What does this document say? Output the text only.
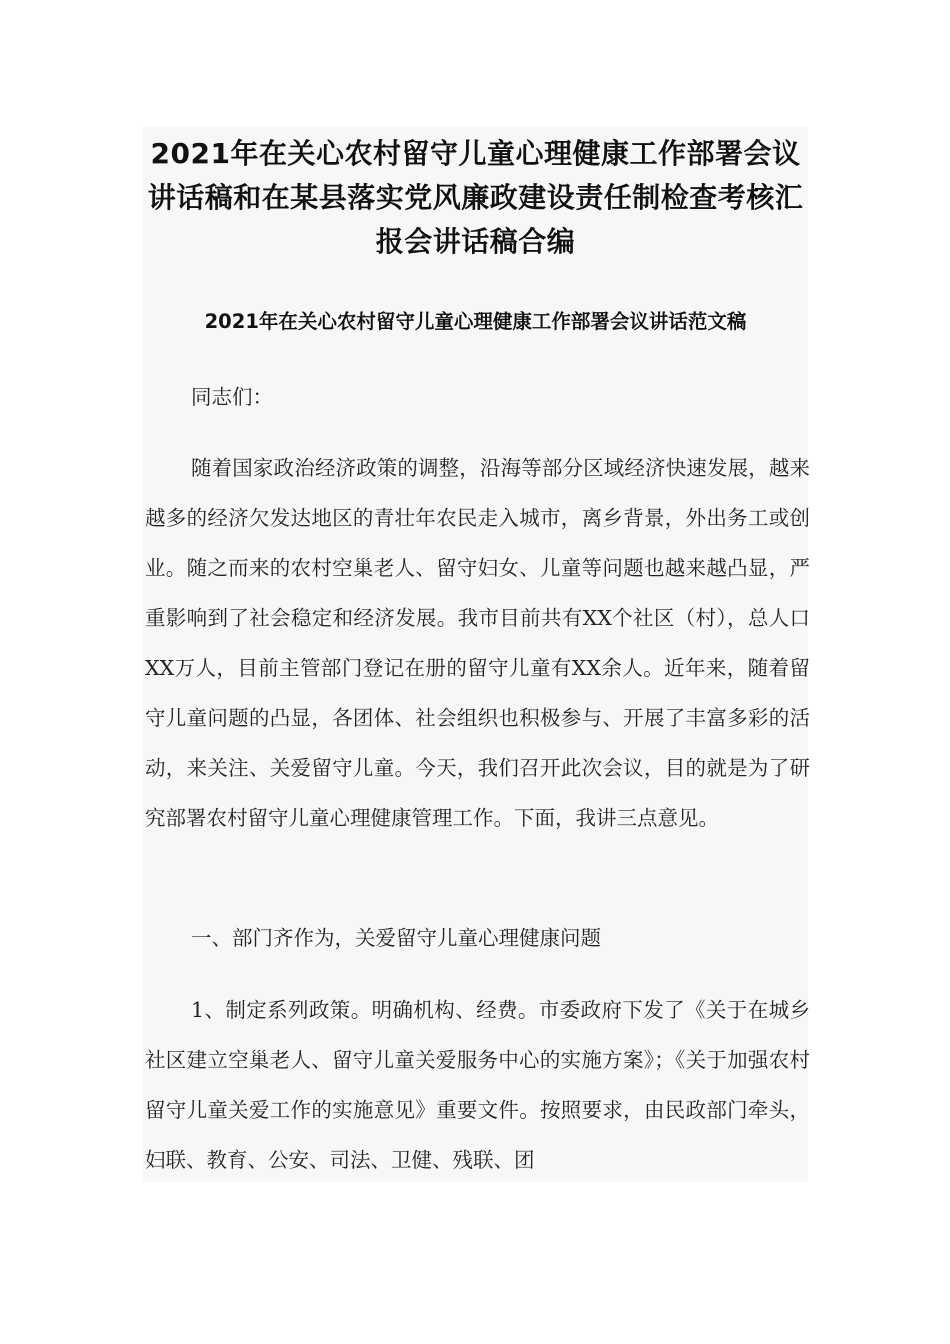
2021年在关心农村留守儿童心理健康工作部署会议讲话稿和在某县落实党风廉政建设责任制检查考核汇报会讲话稿合编
2021年在关心农村留守儿童心理健康工作部署会议讲话范文稿

同志们：

随着国家政治经济政策的调整，沿海等部分区域经济快速发展，越来越多的经济欠发达地区的青壮年农民走入城市，离乡背景，外出务工或创业。随之而来的农村空巢老人、留守妇女、儿童等问题也越来越凸显，严重影响到了社会稳定和经济发展。我市目前共有XX个社区（村），总人口XX万人，目前主管部门登记在册的留守儿童有XX余人。近年来，随着留守儿童问题的凸显，各团体、社会组织也积极参与、开展了丰富多彩的活动，来关注、关爱留守儿童。今天，我们召开此次会议，目的就是为了研究部署农村留守儿童心理健康管理工作。下面，我讲三点意见。

一、部门齐作为，关爱留守儿童心理健康问题

1、制定系列政策。明确机构、经费。市委政府下发了《关于在城乡社区建立空巢老人、留守儿童关爱服务中心的实施方案》；《关于加强农村留守儿童关爱工作的实施意见》重要文件。按照要求，由民政部门牵头，妇联、教育、公安、司法、卫健、残联、团
